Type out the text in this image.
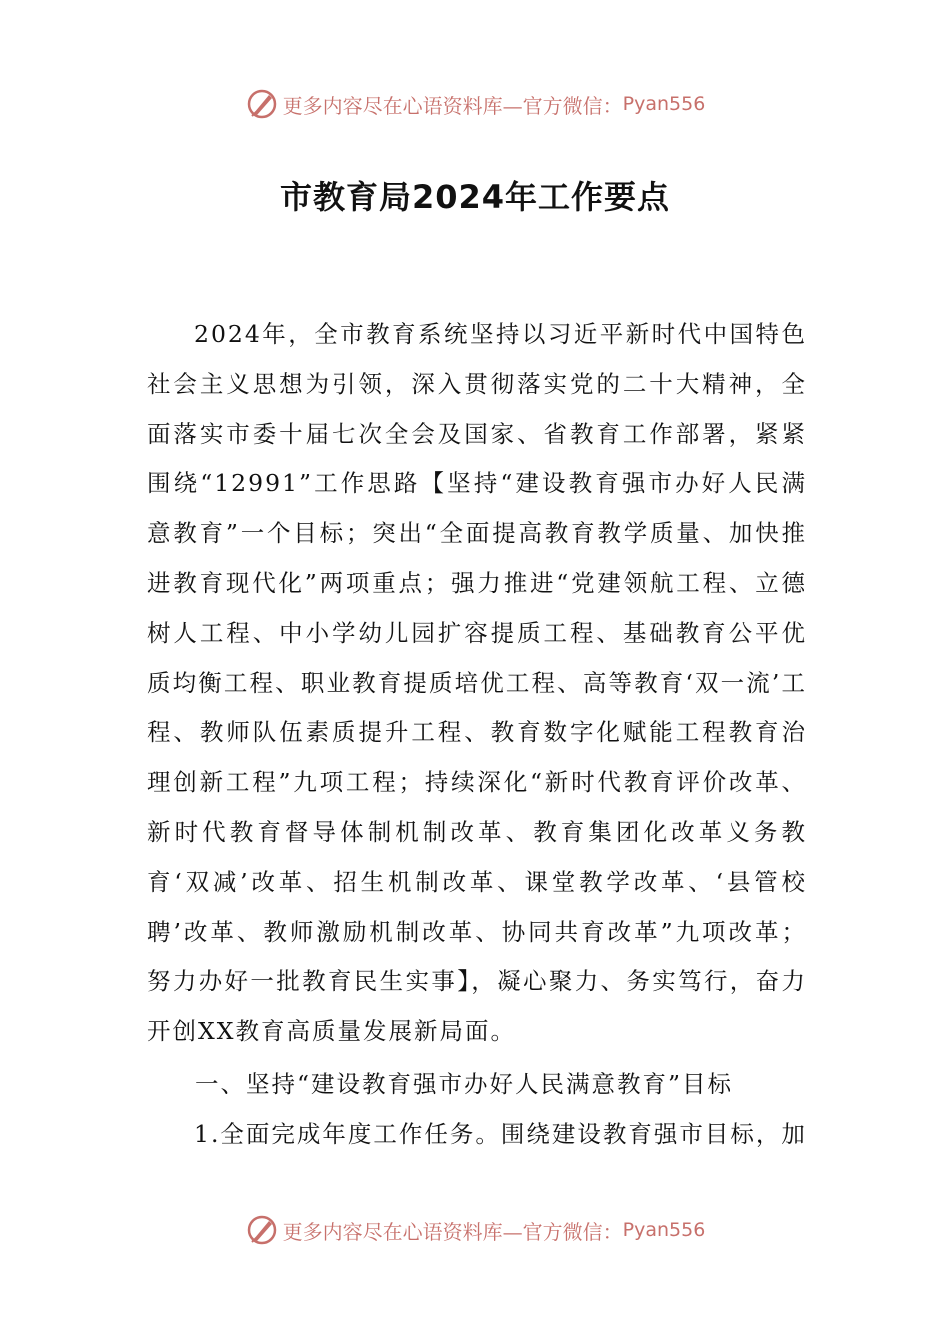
更多内容尽在心语资料库—官方微信： Pyan556
市教育局2024年工作要点

2024年，全市教育系统坚持以习近平新时代中国特色社会主义思想为引领，深入贯彻落实党的二十大精神，全面落实市委十届七次全会及国家、省教育工作部署，紧紧围绕“12991”工作思路【坚持“建设教育强市办好人民满意教育”一个目标；突出“全面提高教育教学质量、加快推进教育现代化”两项重点；强力推进“党建领航工程、立德树人工程、中小学幼儿园扩容提质工程、基础教育公平优质均衡工程、职业教育提质培优工程、高等教育‘双一流’工程、教师队伍素质提升工程、教育数字化赋能工程教育治理创新工程”九项工程；持续深化“新时代教育评价改革、新时代教育督导体制机制改革、教育集团化改革义务教育‘双减’改革、招生机制改革、课堂教学改革、‘县管校聘’改革、教师激励机制改革、协同共育改革”九项改革；努力办好一批教育民生实事】，凝心聚力、务实笃行，奋力开创XX教育高质量发展新局面。

一、坚持“建设教育强市办好人民满意教育”目标

1.全面完成年度工作任务。围绕建设教育强市目标，加

更多内容尽在心语资料库—官方微信： Pyan556
